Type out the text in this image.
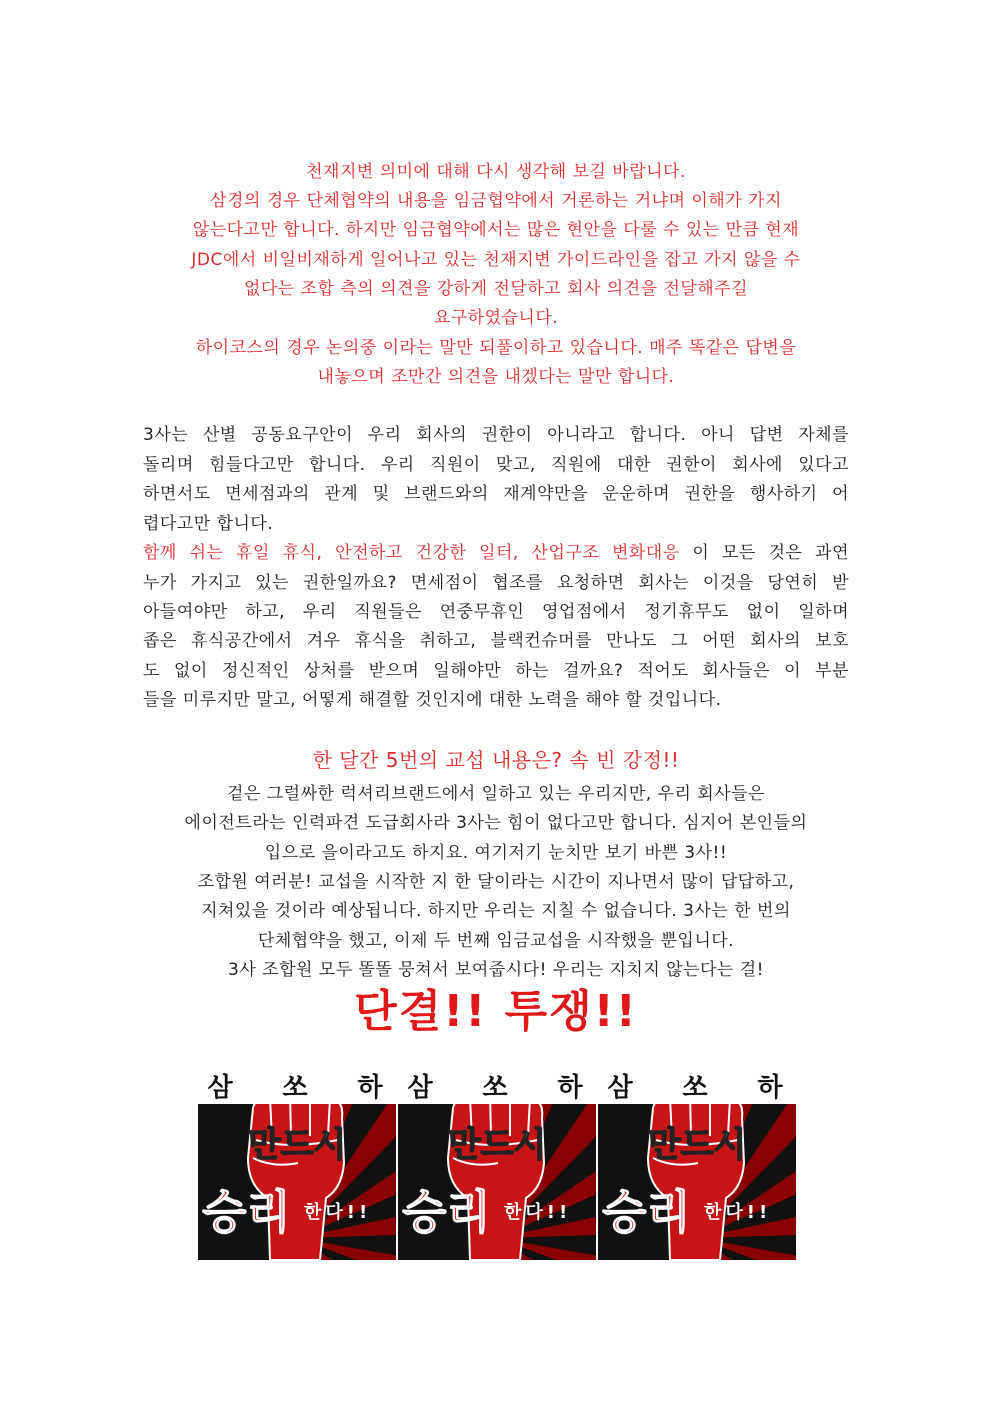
천재지변 의미에 대해 다시 생각해 보길 바랍니다.
삼경의 경우 단체협약의 내용을 임금협약에서 거론하는 거냐며 이해가 가지
않는다고만 합니다. 하지만 임금협약에서는 많은 현안을 다룰 수 있는 만큼 현재
JDC에서 비일비재하게 일어나고 있는 천재지변 가이드라인을 잡고 가지 않을 수
없다는 조합 측의 의견을 강하게 전달하고 회사 의견을 전달해주길
요구하였습니다.
하이코스의 경우 논의중 이라는 말만 되풀이하고 있습니다. 매주 똑같은 답변을
내놓으며 조만간 의견을 내겠다는 말만 합니다.
3사는 산별 공동요구안이 우리 회사의 권한이 아니라고 합니다. 아니 답변 자체를
돌리며 힘들다고만 합니다. 우리 직원이 맞고, 직원에 대한 권한이 회사에 있다고
하면서도 면세점과의 관계 및 브랜드와의 재계약만을 운운하며 권한을 행사하기 어
렵다고만 합니다.
함께 쉬는 휴일 휴식, 안전하고 건강한 일터, 산업구조 변화대응 이 모든 것은 과연
누가 가지고 있는 권한일까요? 면세점이 협조를 요청하면 회사는 이것을 당연히 받
아들여야만 하고, 우리 직원들은 연중무휴인 영업점에서 정기휴무도 없이 일하며
좁은 휴식공간에서 겨우 휴식을 취하고, 블랙컨슈머를 만나도 그 어떤 회사의 보호
도 없이 정신적인 상처를 받으며 일해야만 하는 걸까요? 적어도 회사들은 이 부분
들을 미루지만 말고, 어떻게 해결할 것인지에 대한 노력을 해야 할 것입니다.
한 달간 5번의 교섭 내용은? 속 빈 강정!!
겉은 그럴싸한 럭셔리브랜드에서 일하고 있는 우리지만, 우리 회사들은
에이전트라는 인력파견 도급회사라 3사는 힘이 없다고만 합니다. 심지어 본인들의
입으로 을이라고도 하지요. 여기저기 눈치만 보기 바쁜 3사!!
조합원 여러분! 교섭을 시작한 지 한 달이라는 시간이 지나면서 많이 답답하고,
지쳐있을 것이라 예상됩니다. 하지만 우리는 지칠 수 없습니다. 3사는 한 번의
단체협약을 했고, 이제 두 번째 임금교섭을 시작했을 뿐입니다.
3사 조합원 모두 똘똘 뭉쳐서 보여줍시다! 우리는 지치지 않는다는 걸!
단결!! 투쟁!!
삼 쏘 하
만드시
승리 한다!!
삼 쏘 하
만드시
승리 한다!!
삼 쏘 하
만드시
승리 한다!!
